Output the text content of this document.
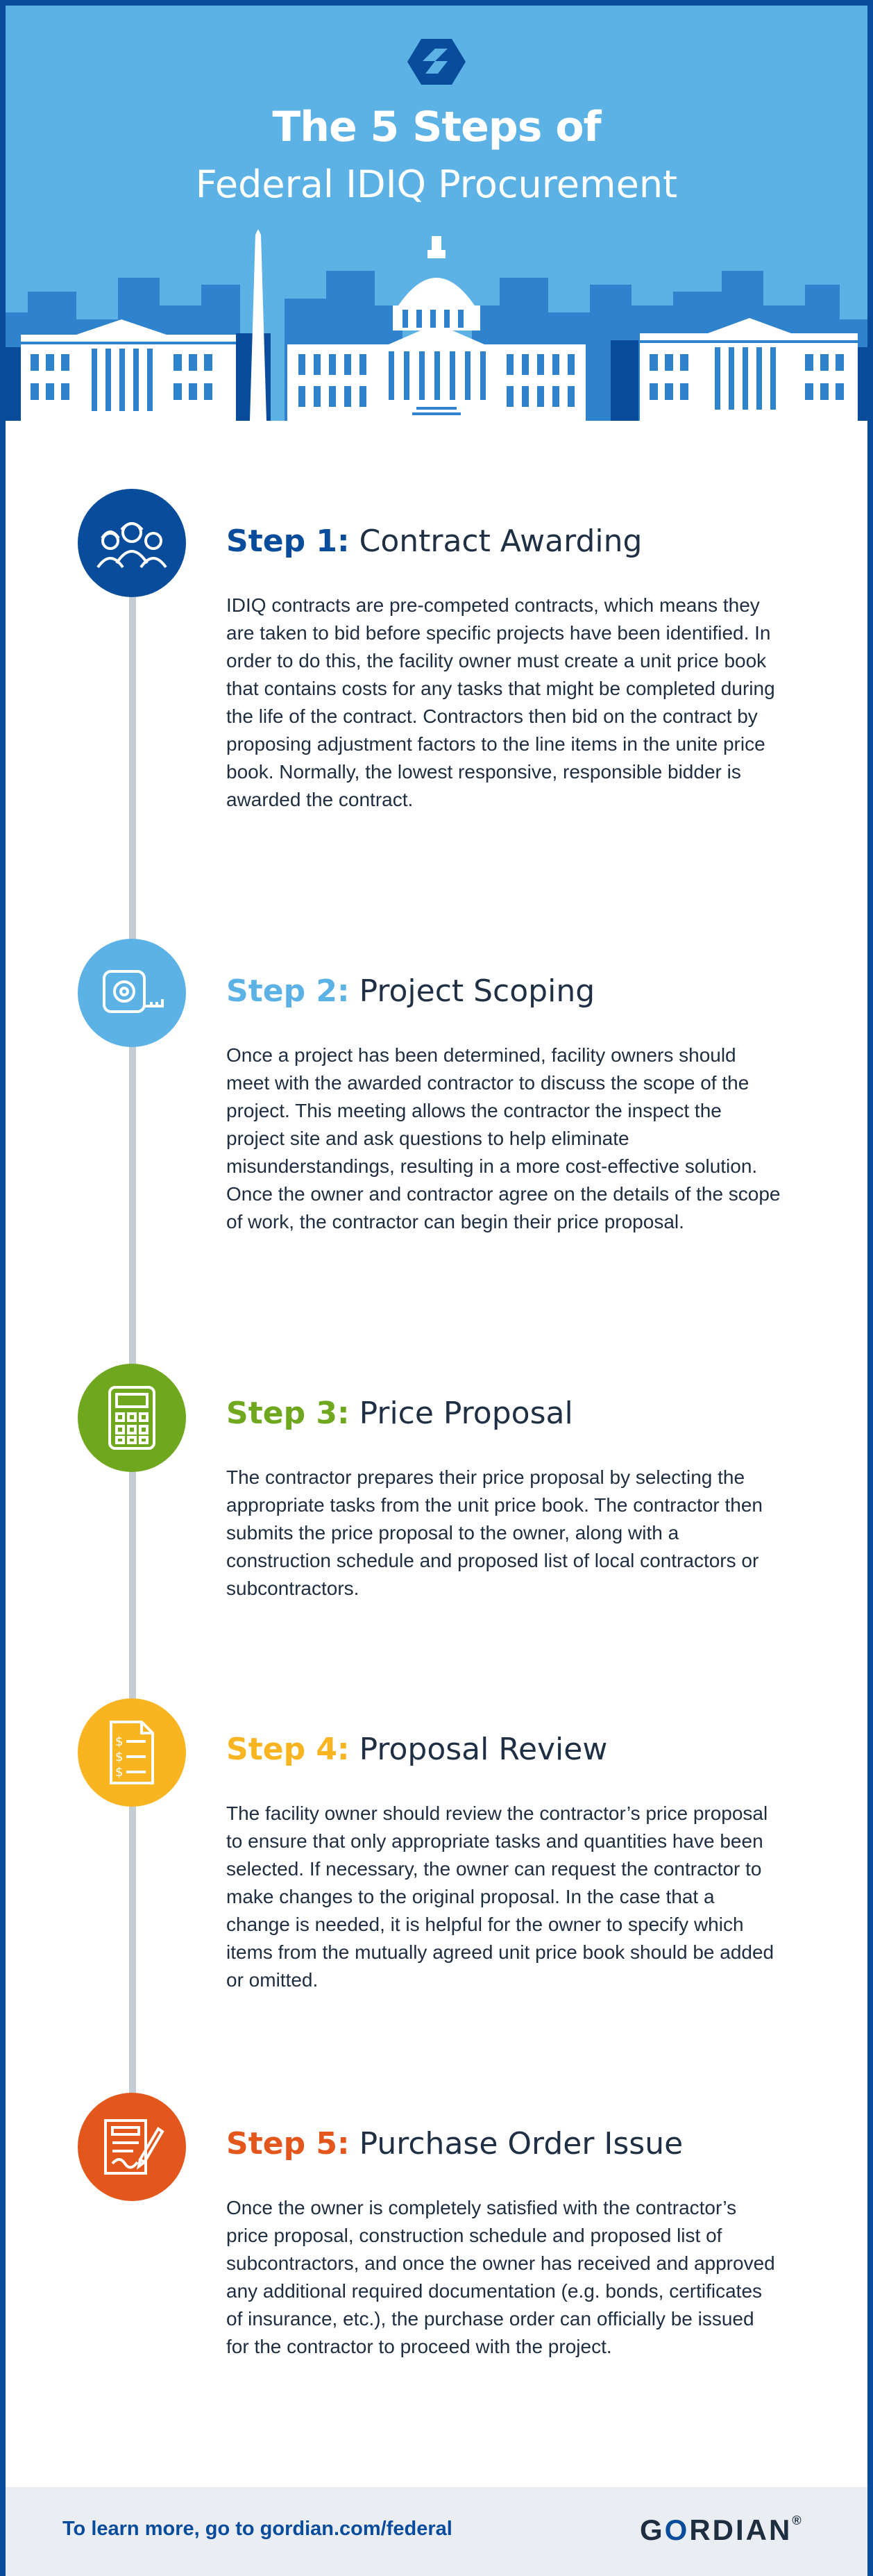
The 5 Steps of
Federal IDIQ Procurement
Step 1: Contract Awarding
IDIQ contracts are pre-competed contracts, which means they are taken to bid before specific projects have been identified. In order to do this, the facility owner must create a unit price book that contains costs for any tasks that might be completed during the life of the contract. Contractors then bid on the contract by proposing adjustment factors to the line items in the unite price book. Normally, the lowest responsive, responsible bidder is awarded the contract.
Step 2: Project Scoping
Once a project has been determined, facility owners should meet with the awarded contractor to discuss the scope of the project. This meeting allows the contractor the inspect the project site and ask questions to help eliminate misunderstandings, resulting in a more cost-effective solution. Once the owner and contractor agree on the details of the scope of work, the contractor can begin their price proposal.
Step 3: Price Proposal
The contractor prepares their price proposal by selecting the appropriate tasks from the unit price book. The contractor then submits the price proposal to the owner, along with a construction schedule and proposed list of local contractors or subcontractors.
$
$
$
Step 4: Proposal Review
The facility owner should review the contractor’s price proposal to ensure that only appropriate tasks and quantities have been selected. If necessary, the owner can request the contractor to make changes to the original proposal. In the case that a change is needed, it is helpful for the owner to specify which items from the mutually agreed unit price book should be added or omitted.
Step 5: Purchase Order Issue
Once the owner is completely satisfied with the contractor’s price proposal, construction schedule and proposed list of subcontractors, and once the owner has received and approved any additional required documentation (e.g. bonds, certificates of insurance, etc.), the purchase order can officially be issued for the contractor to proceed with the project.
To learn more, go to gordian.com/federal	GORDIAN®
